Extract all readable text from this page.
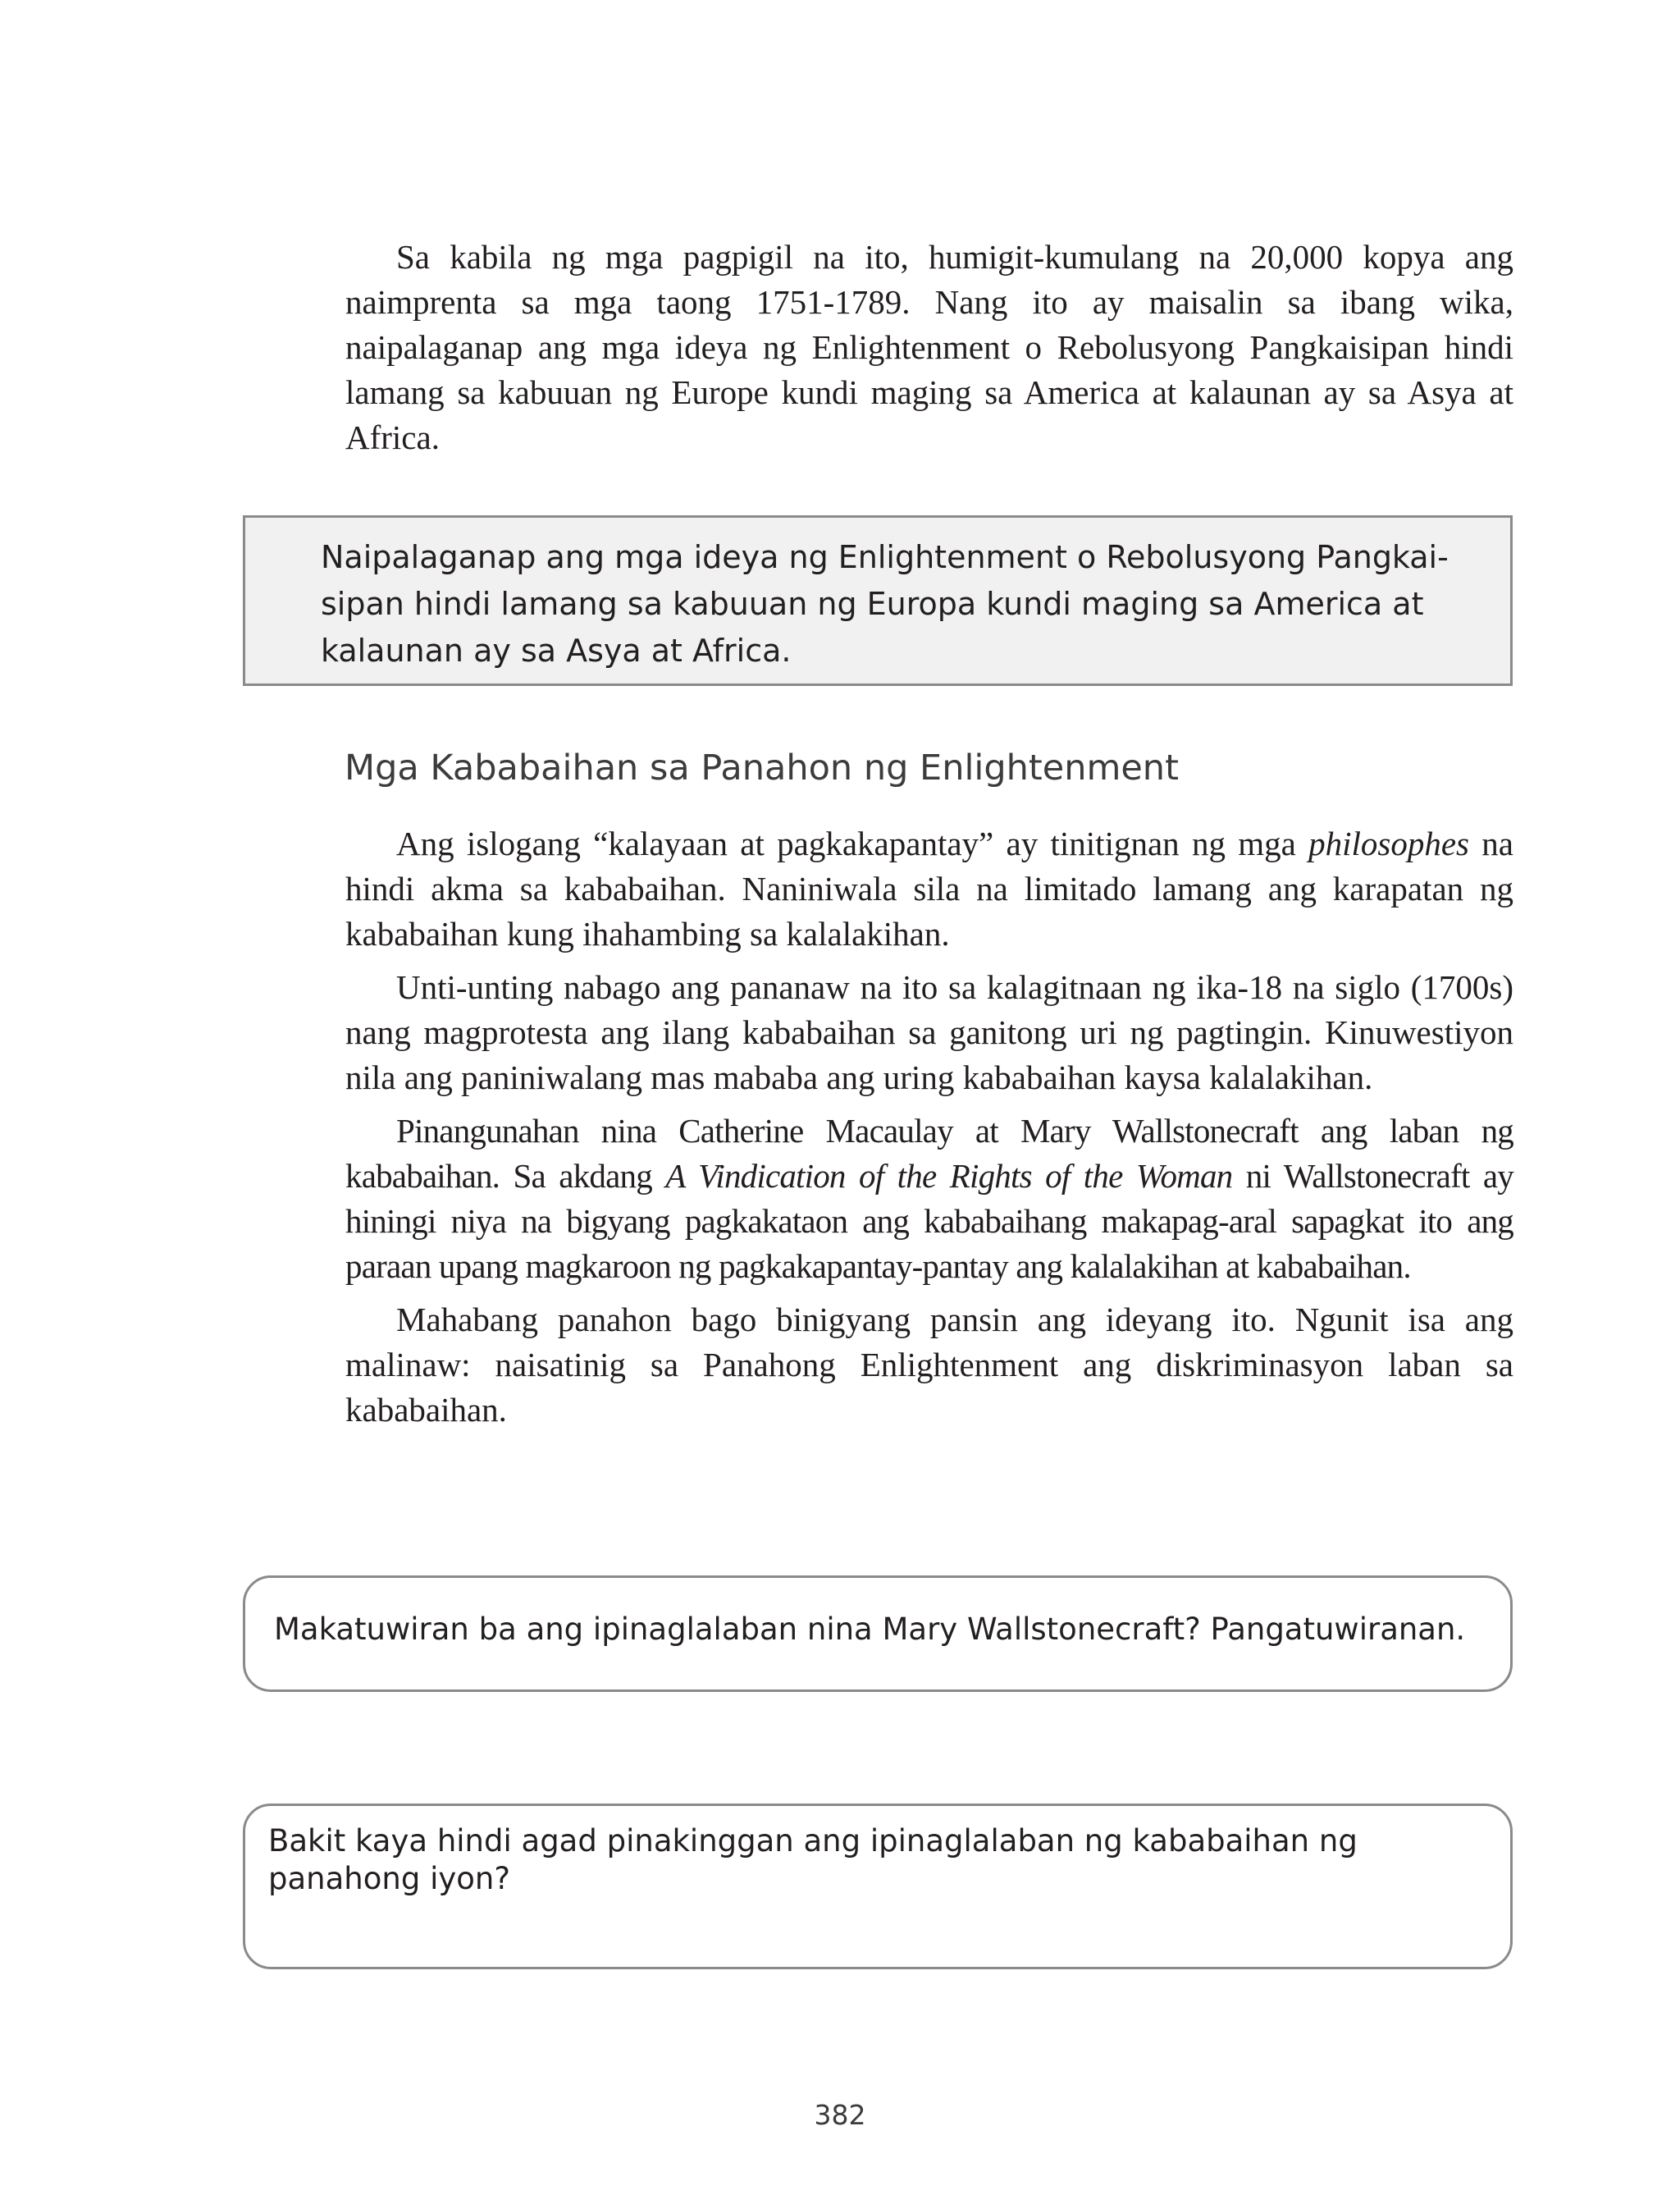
Sa kabila ng mga pagpigil na ito, humigit-kumulang na 20,000 kopya ang naimprenta sa mga taong 1751-1789. Nang ito ay maisalin sa ibang wika, naipalaganap ang mga ideya ng Enlightenment o Rebolusyong Pangkaisipan hindi lamang sa kabuuan ng Europe kundi maging sa America at kalaunan ay sa Asya at Africa.

Naipalaganap ang mga ideya ng Enlightenment o Rebolusyong Pangkai-sipan hindi lamang sa kabuuan ng Europa kundi maging sa America at kalaunan ay sa Asya at Africa.

Mga Kababaihan sa Panahon ng Enlightenment

Ang islogang “kalayaan at pagkakapantay” ay tinitignan ng mga philosophes na hindi akma sa kababaihan. Naniniwala sila na limitado lamang ang karapatan ng kababaihan kung ihahambing sa kalalakihan.

Unti-unting nabago ang pananaw na ito sa kalagitnaan ng ika-18 na siglo (1700s) nang magprotesta ang ilang kababaihan sa ganitong uri ng pagtingin. Kinuwestiyon nila ang paniniwalang mas mababa ang uring kababaihan kaysa kalalakihan.

Pinangunahan nina Catherine Macaulay at Mary Wallstonecraft ang laban ng kababaihan. Sa akdang A Vindication of the Rights of the Woman ni Wallstonecraft ay hiningi niya na bigyang pagkakataon ang kababaihang makapag-aral sapagkat ito ang paraan upang magkaroon ng pagkakapantay-pantay ang kalalakihan at kababaihan.

Mahabang panahon bago binigyang pansin ang ideyang ito. Ngunit isa ang malinaw: naisatinig sa Panahong Enlightenment ang diskriminasyon laban sa kababaihan.

Makatuwiran ba ang ipinaglalaban nina Mary Wallstonecraft? Pangatuwiranan.

Bakit kaya hindi agad pinakinggan ang ipinaglalaban ng kababaihan ng panahong iyon?

382
